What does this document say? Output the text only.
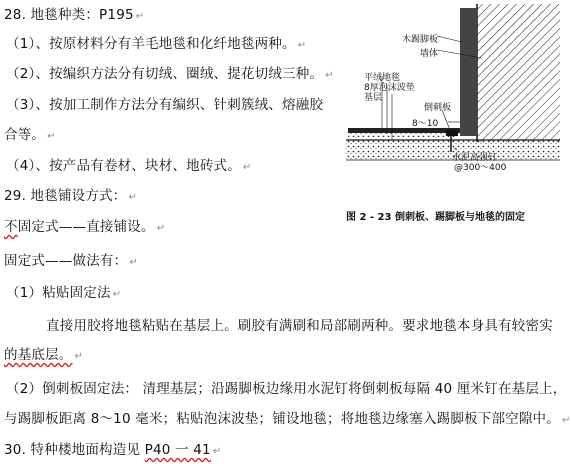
28. 地毯种类：P195 ↵
（1）、按原材料分有羊毛地毯和化纤地毯两种。 ↵
（2）、按编织方法分有切绒、圈绒、提花切绒三种。 ↵
（3）、按加工制作方法分有编织、针刺簇绒、熔融胶
合等。 ↵
（4）、按产品有卷材、块材、地砖式。 ↵
29. 地毯铺设方式： ↵
不固定式——直接铺设。 ↵
固定式——做法有： ↵
（1）粘贴固定法 ↵
直接用胶将地毯粘贴在基层上。刷胶有满刷和局部刷两种。要求地毯本身具有较密实
的基底层。 ↵
（2）倒刺板固定法： 清理基层；沿踢脚板边缘用水泥钉将倒刺板每隔 40 厘米钉在基层上，
与踢脚板距离 8～10 毫米；粘贴泡沫波垫；铺设地毯；将地毯边缘塞入踢脚板下部空隙中。 ↵
30. 特种楼地面构造见 P40 一 41 ↵
木踢脚板
墙体
平绒地毯
8厚泡沫波垫
基层
倒刺板
8～10
水泥高强钉
@300～400
图 2 - 23 倒刺板、踢脚板与地毯的固定
